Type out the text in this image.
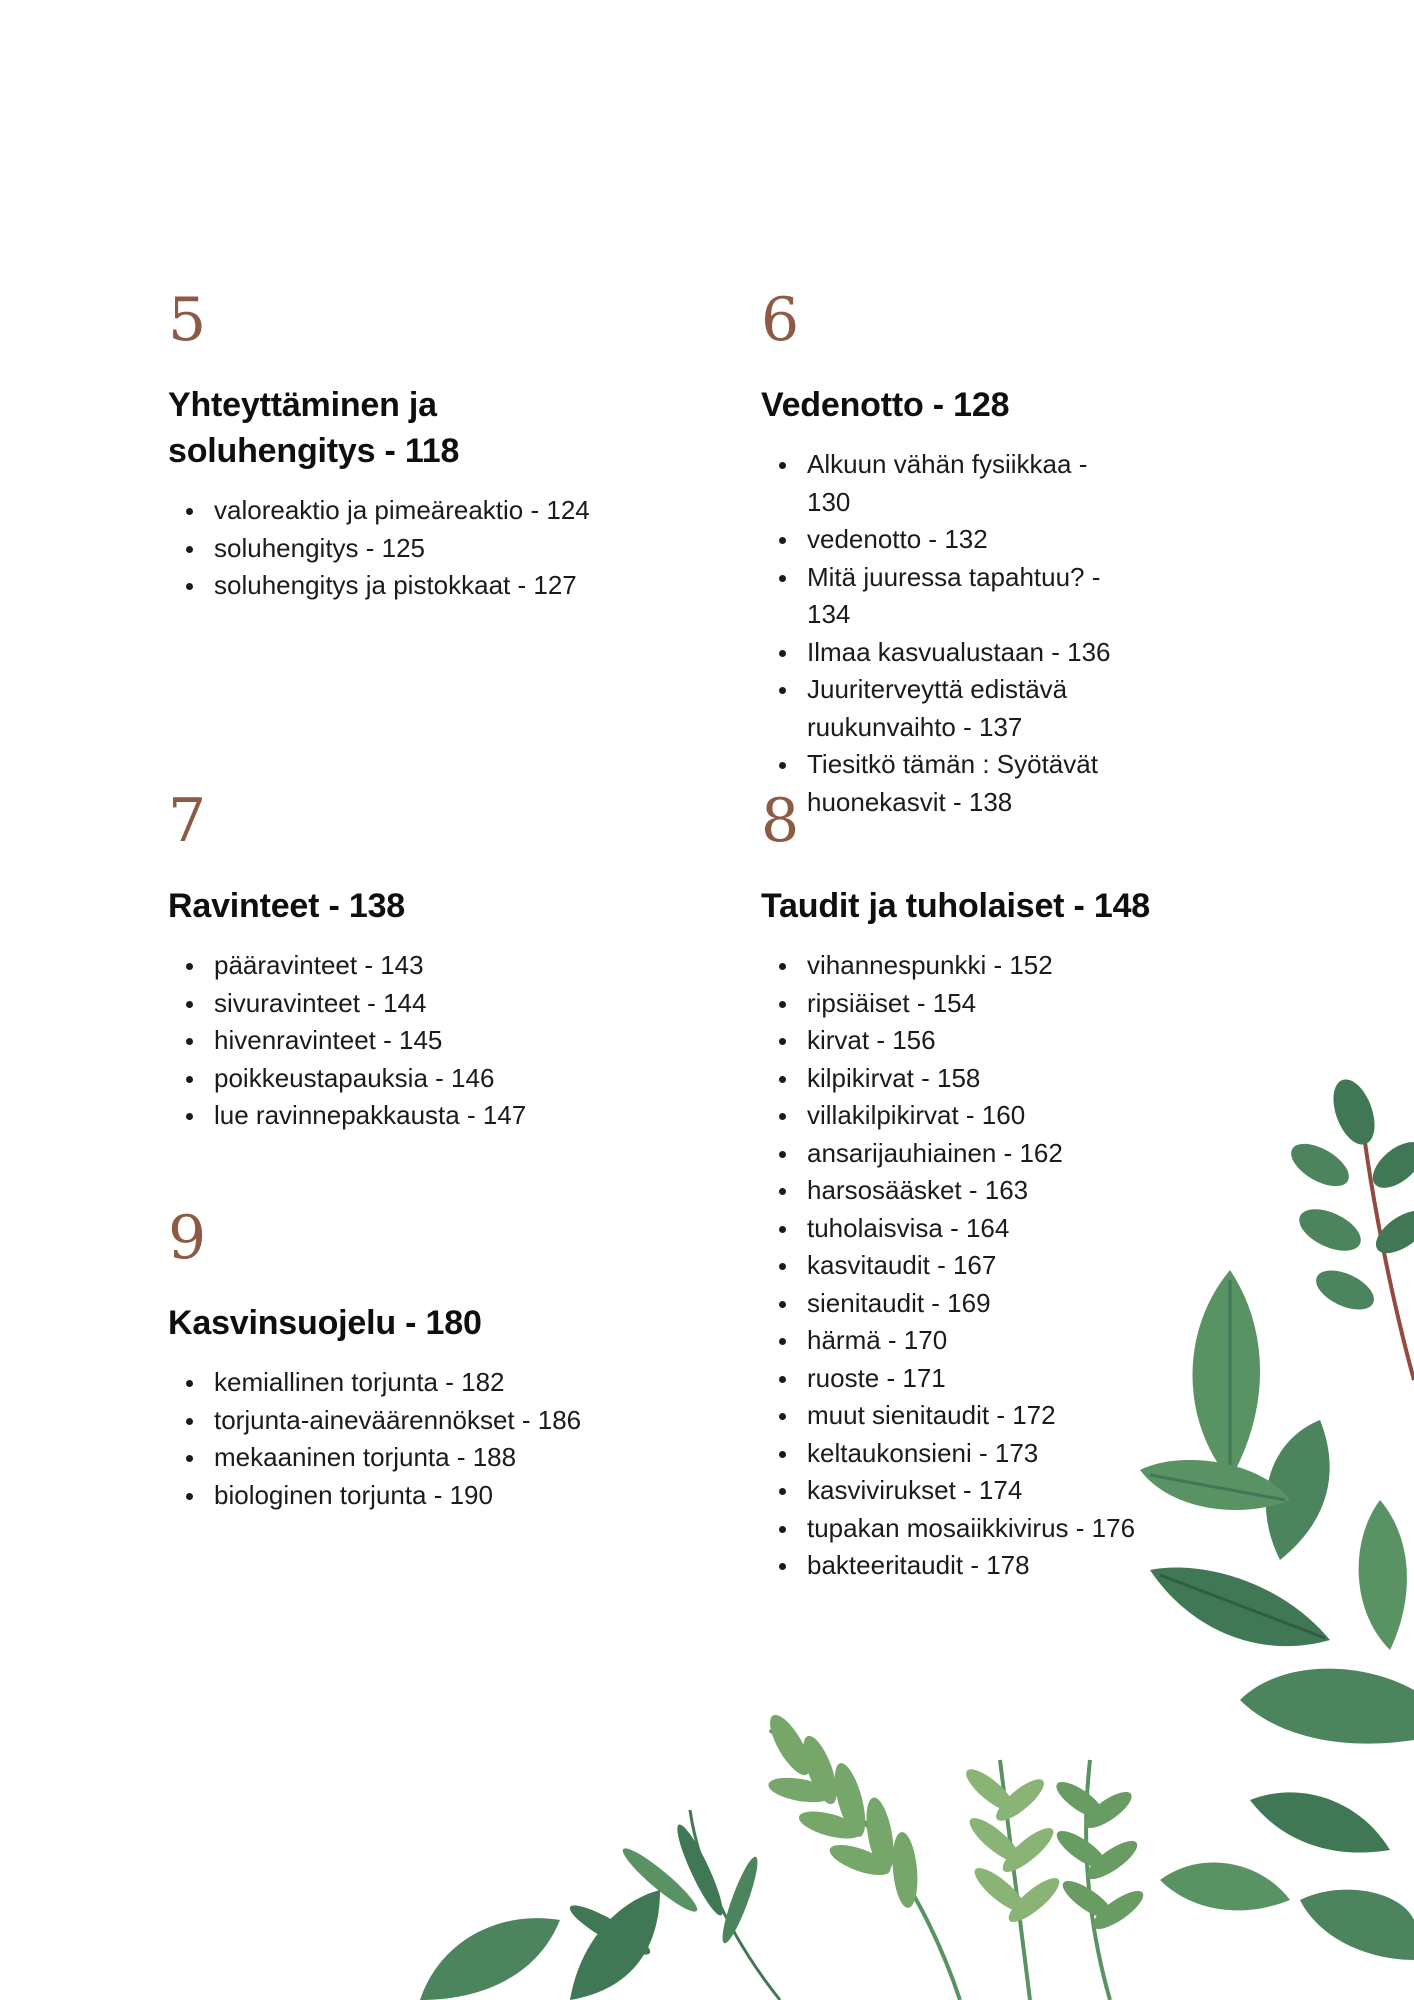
5
Yhteyttäminen ja soluhengitys - 118
valoreaktio ja pimeäreaktio - 124
soluhengitys - 125
soluhengitys ja pistokkaat - 127
6
Vedenotto - 128
Alkuun vähän fysiikkaa - 130
vedenotto - 132
Mitä juuressa tapahtuu? - 134
Ilmaa kasvualustaan - 136
Juuriterveyttä edistävä ruukunvaihto - 137
Tiesitkö tämän : Syötävät huonekasvit - 138
7
Ravinteet - 138
pääravinteet - 143
sivuravinteet - 144
hivenravinteet - 145
poikkeustapauksia - 146
lue ravinnepakkausta - 147
8
Taudit ja tuholaiset - 148
vihannespunkki - 152
ripsiäiset - 154
kirvat - 156
kilpikirvat - 158
villakilpikirvat - 160
ansarijauhiainen - 162
harsosääsket - 163
tuholaisvisa - 164
kasvitaudit - 167
sienitaudit - 169
härmä - 170
ruoste - 171
muut sienitaudit - 172
keltaukonsieni - 173
kasvivirukset - 174
tupakan mosaiikkivirus - 176
bakteeritaudit - 178
9
Kasvinsuojelu - 180
kemiallinen torjunta - 182
torjunta-aineväärennökset - 186
mekaaninen torjunta - 188
biologinen torjunta - 190
